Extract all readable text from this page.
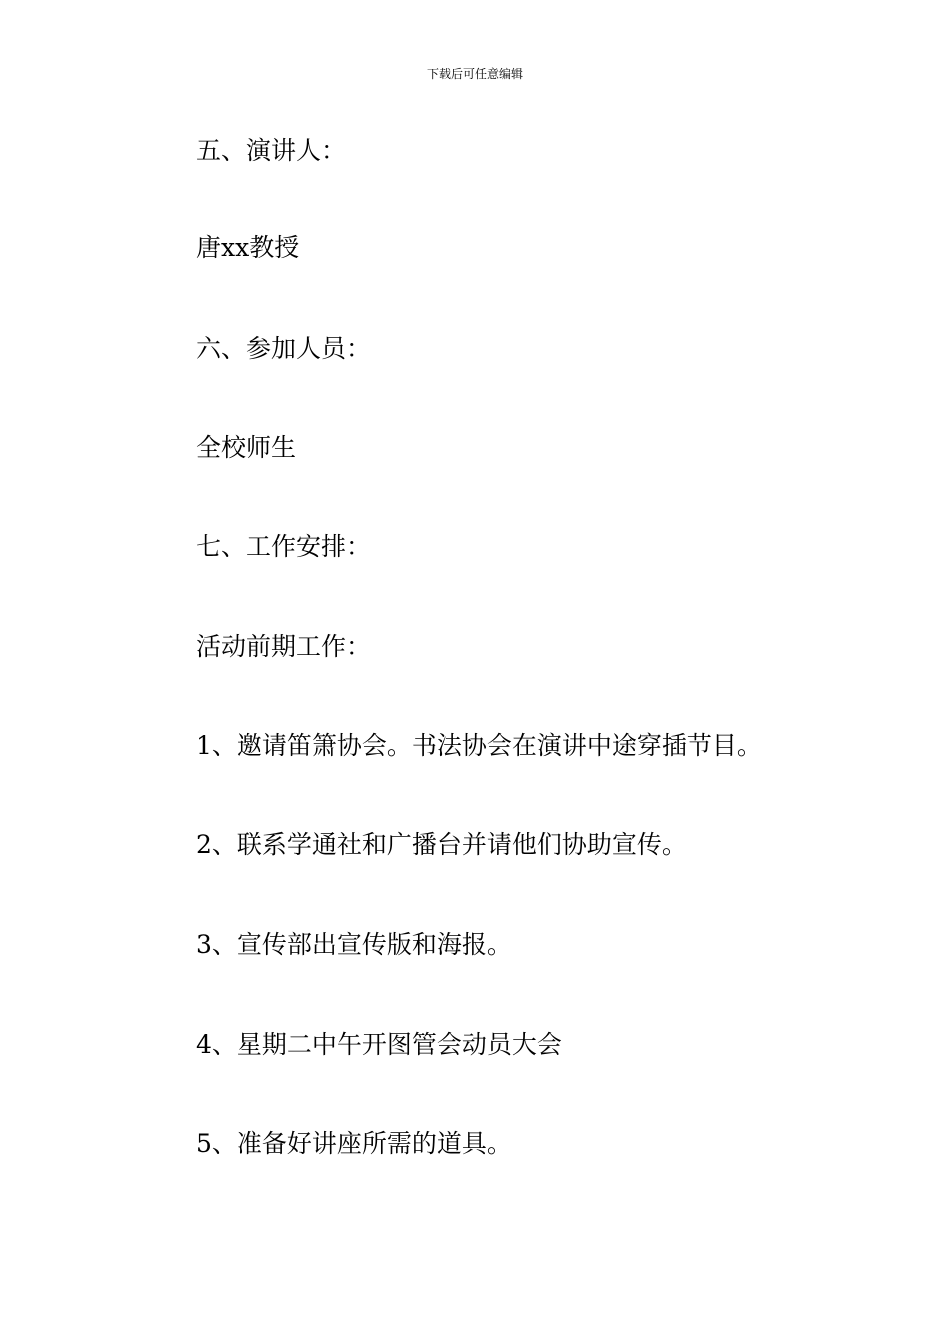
下载后可任意编辑
五、演讲人：
唐xx教授
六、参加人员：
全校师生
七、工作安排：
活动前期工作：
1、邀请笛箫协会。书法协会在演讲中途穿插节目。
2、联系学通社和广播台并请他们协助宣传。
3、宣传部出宣传版和海报。
4、星期二中午开图管会动员大会
5、准备好讲座所需的道具。
